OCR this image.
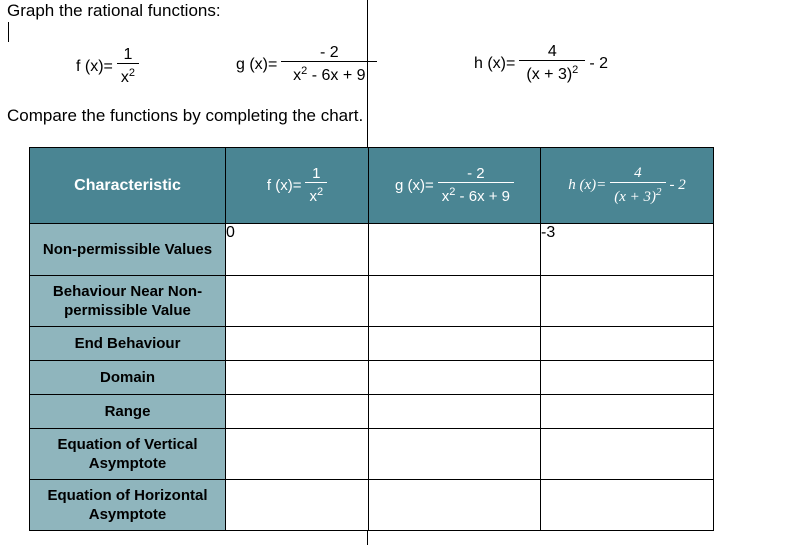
Graph the rational functions:
f $(x)= \frac{1}{x^2}$	g $(x)= \frac{- 2}{x^2 - 6x + 9}$	h $(x)= \frac{4}{(x + 3)^2} - 2$
Compare the functions by completing the chart.
Characteristic	f $(x)= \frac{1}{x^2}$	g $(x)= \frac{- 2}{x^2 - 6x + 9}$	h $(x)= \frac{4}{(x + 3)^2} - 2$

Non-permissible Values	0		-3
Behaviour Near Non-permissible Value			
End Behaviour			
Domain			
Range			
Equation of Vertical Asymptote			
Equation of Horizontal Asymptote			
